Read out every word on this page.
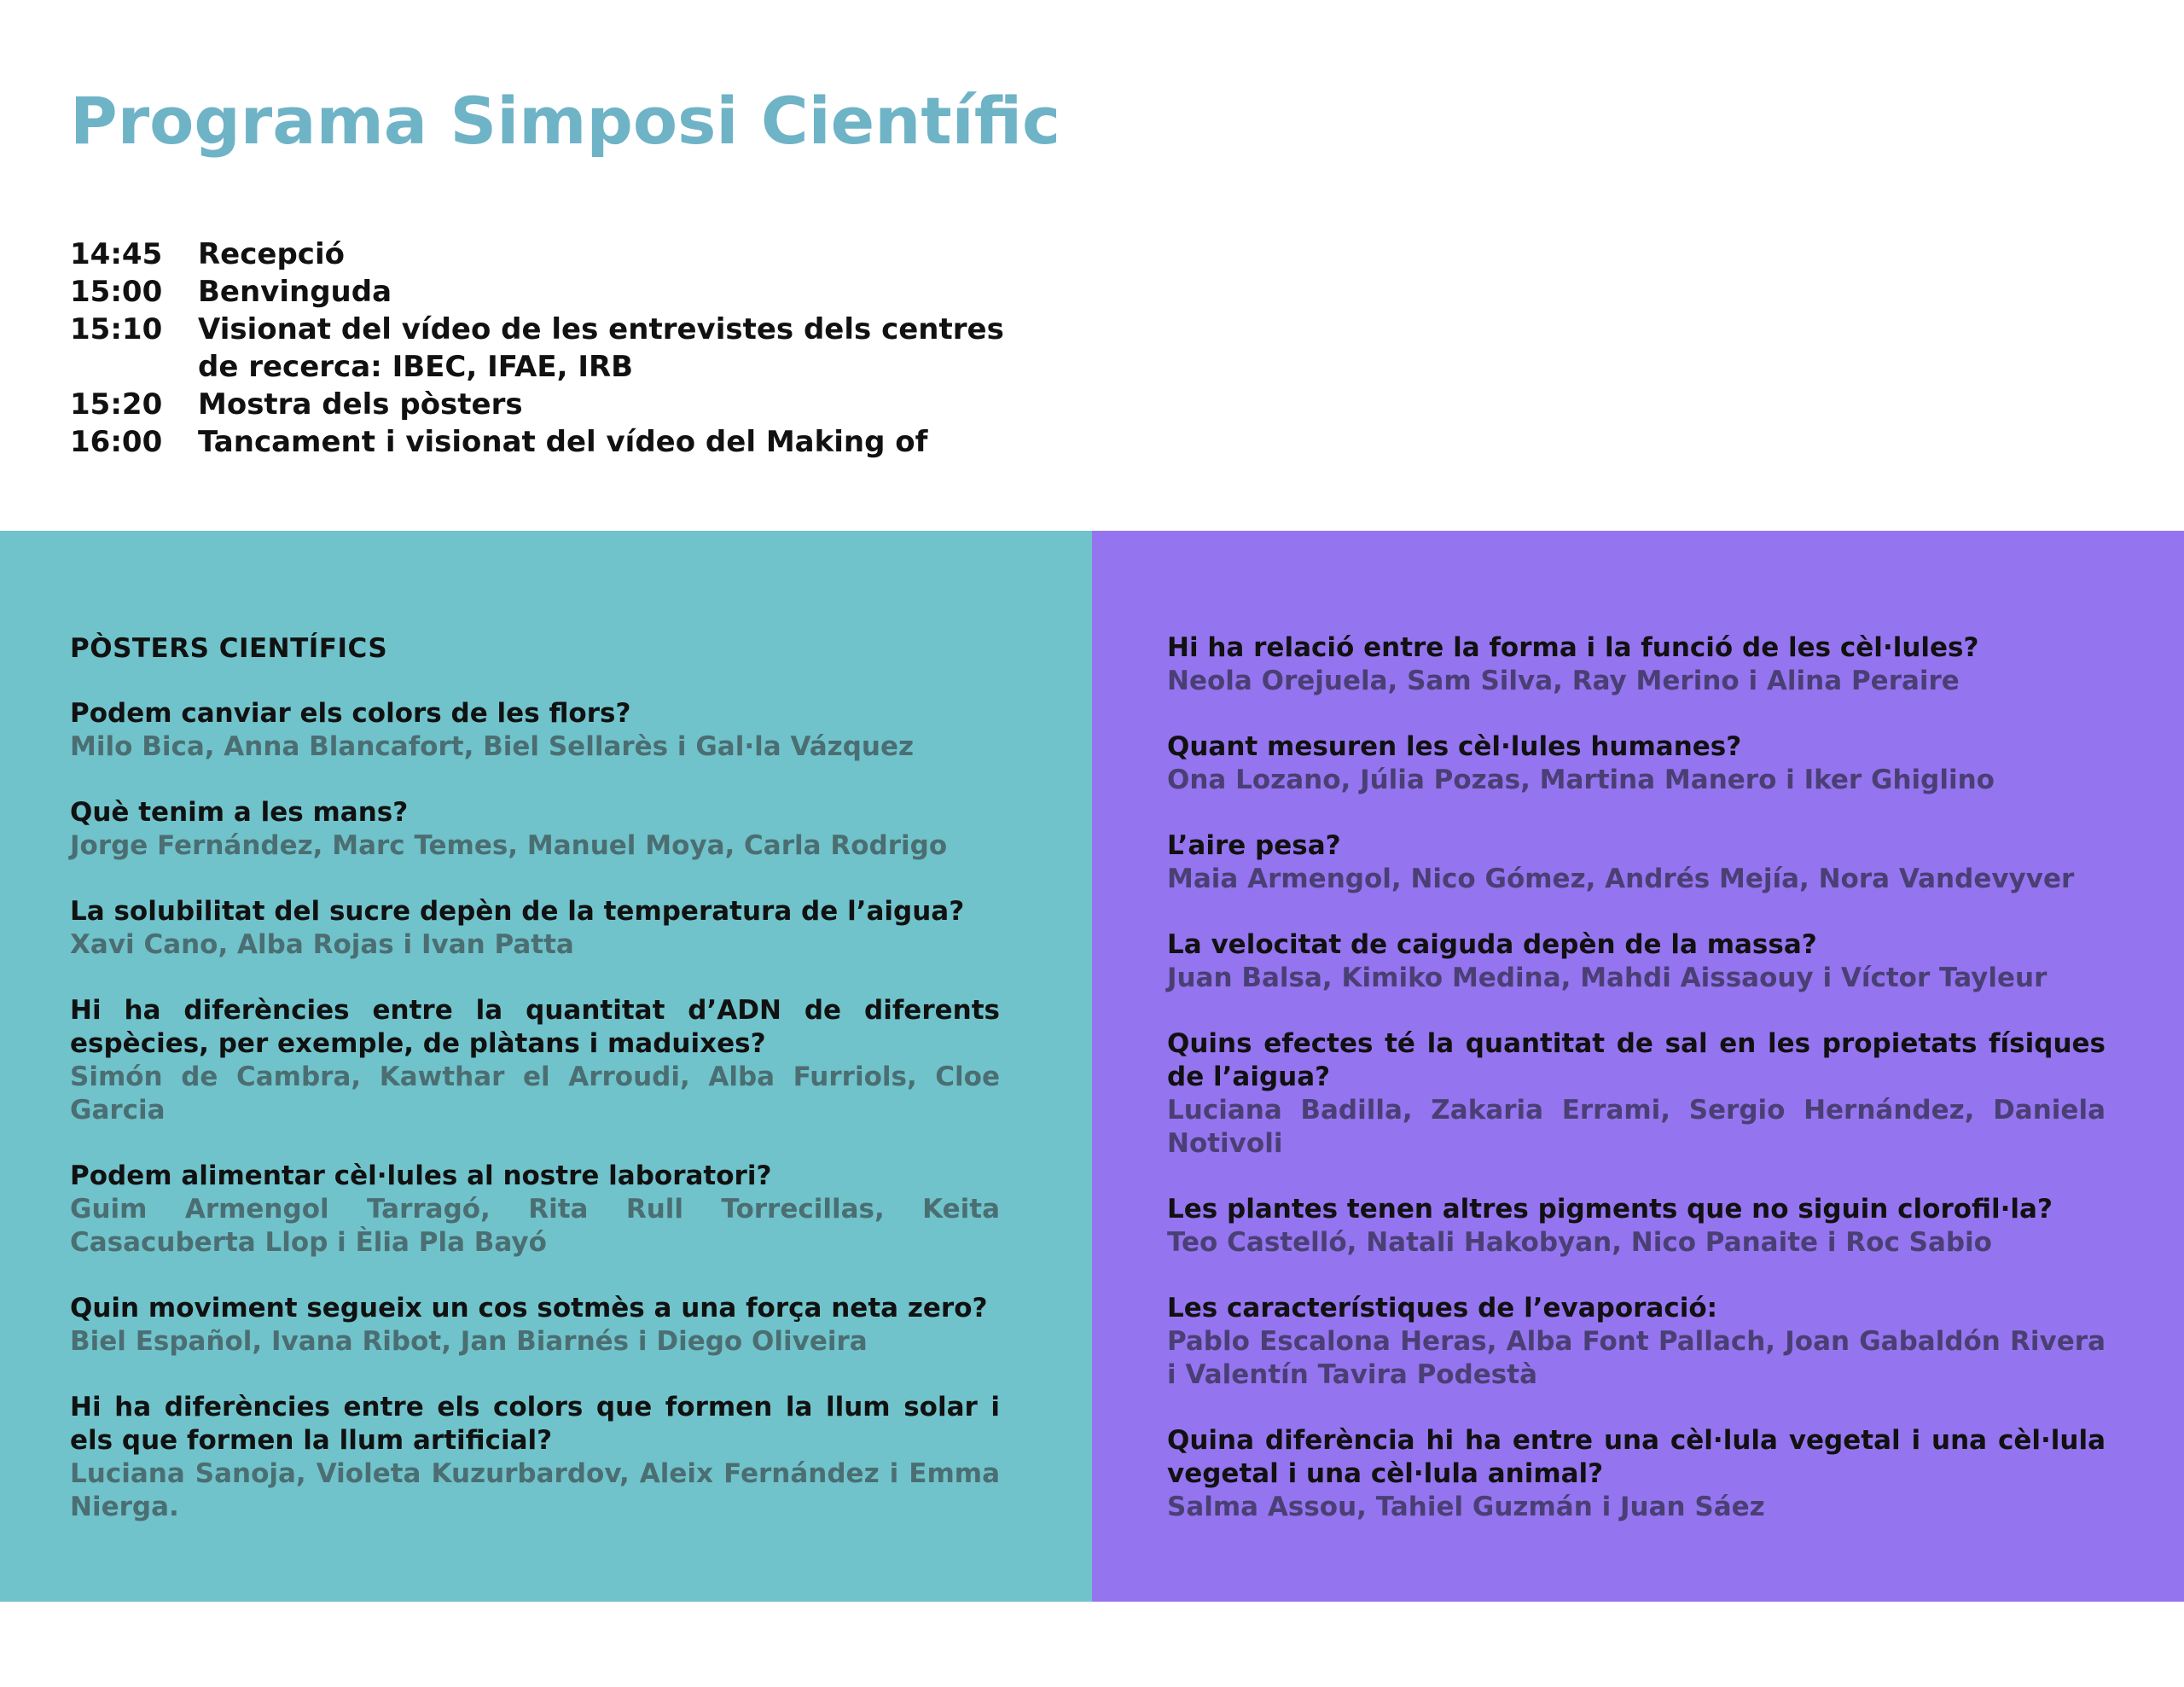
Programa Simposi Científic
14:45	Recepció
15:00	Benvinguda
15:10	Visionat del vídeo de les entrevistes dels centres de recerca: IBEC, IFAE, IRB
15:20	Mostra dels pòsters
16:00	Tancament i visionat del vídeo del Making of
PÒSTERS CIENTÍFICS
Podem canviar els colors de les flors?
Milo Bica, Anna Blancafort, Biel Sellarès i Gal·la Vázquez
Què tenim a les mans?
Jorge Fernández, Marc Temes, Manuel Moya, Carla Rodrigo
La solubilitat del sucre depèn de la temperatura de l’aigua?
Xavi Cano, Alba Rojas i Ivan Patta
Hi ha diferències entre la quantitat d’ADN de diferents espècies, per exemple, de plàtans i maduixes?
Simón de Cambra, Kawthar el Arroudi, Alba Furriols, Cloe Garcia
Podem alimentar cèl·lules al nostre laboratori?
Guim Armengol Tarragó, Rita Rull Torrecillas, Keita Casacuberta Llop i Èlia Pla Bayó
Quin moviment segueix un cos sotmès a una força neta zero?
Biel Español, Ivana Ribot, Jan Biarnés i Diego Oliveira
Hi ha diferències entre els colors que formen la llum solar i els que formen la llum artificial?
Luciana Sanoja, Violeta Kuzurbardov, Aleix Fernández i Emma Nierga.
Hi ha relació entre la forma i la funció de les cèl·lules?
Neola Orejuela, Sam Silva, Ray Merino i Alina Peraire
Quant mesuren les cèl·lules humanes?
Ona Lozano, Júlia Pozas, Martina Manero i Iker Ghiglino
L’aire pesa?
Maia Armengol, Nico Gómez, Andrés Mejía, Nora Vandevyver
La velocitat de caiguda depèn de la massa?
Juan Balsa, Kimiko Medina, Mahdi Aissaouy i Víctor Tayleur
Quins efectes té la quantitat de sal en les propietats físiques de l’aigua?
Luciana Badilla, Zakaria Errami, Sergio Hernández, Daniela Notivoli
Les plantes tenen altres pigments que no siguin clorofil·la?
Teo Castelló, Natali Hakobyan, Nico Panaite i Roc Sabio
Les característiques de l’evaporació:
Pablo Escalona Heras, Alba Font Pallach, Joan Gabaldón Rivera i Valentín Tavira Podestà
Quina diferència hi ha entre una cèl·lula vegetal i una cèl·lula vegetal i una cèl·lula animal?
Salma Assou, Tahiel Guzmán i Juan Sáez
